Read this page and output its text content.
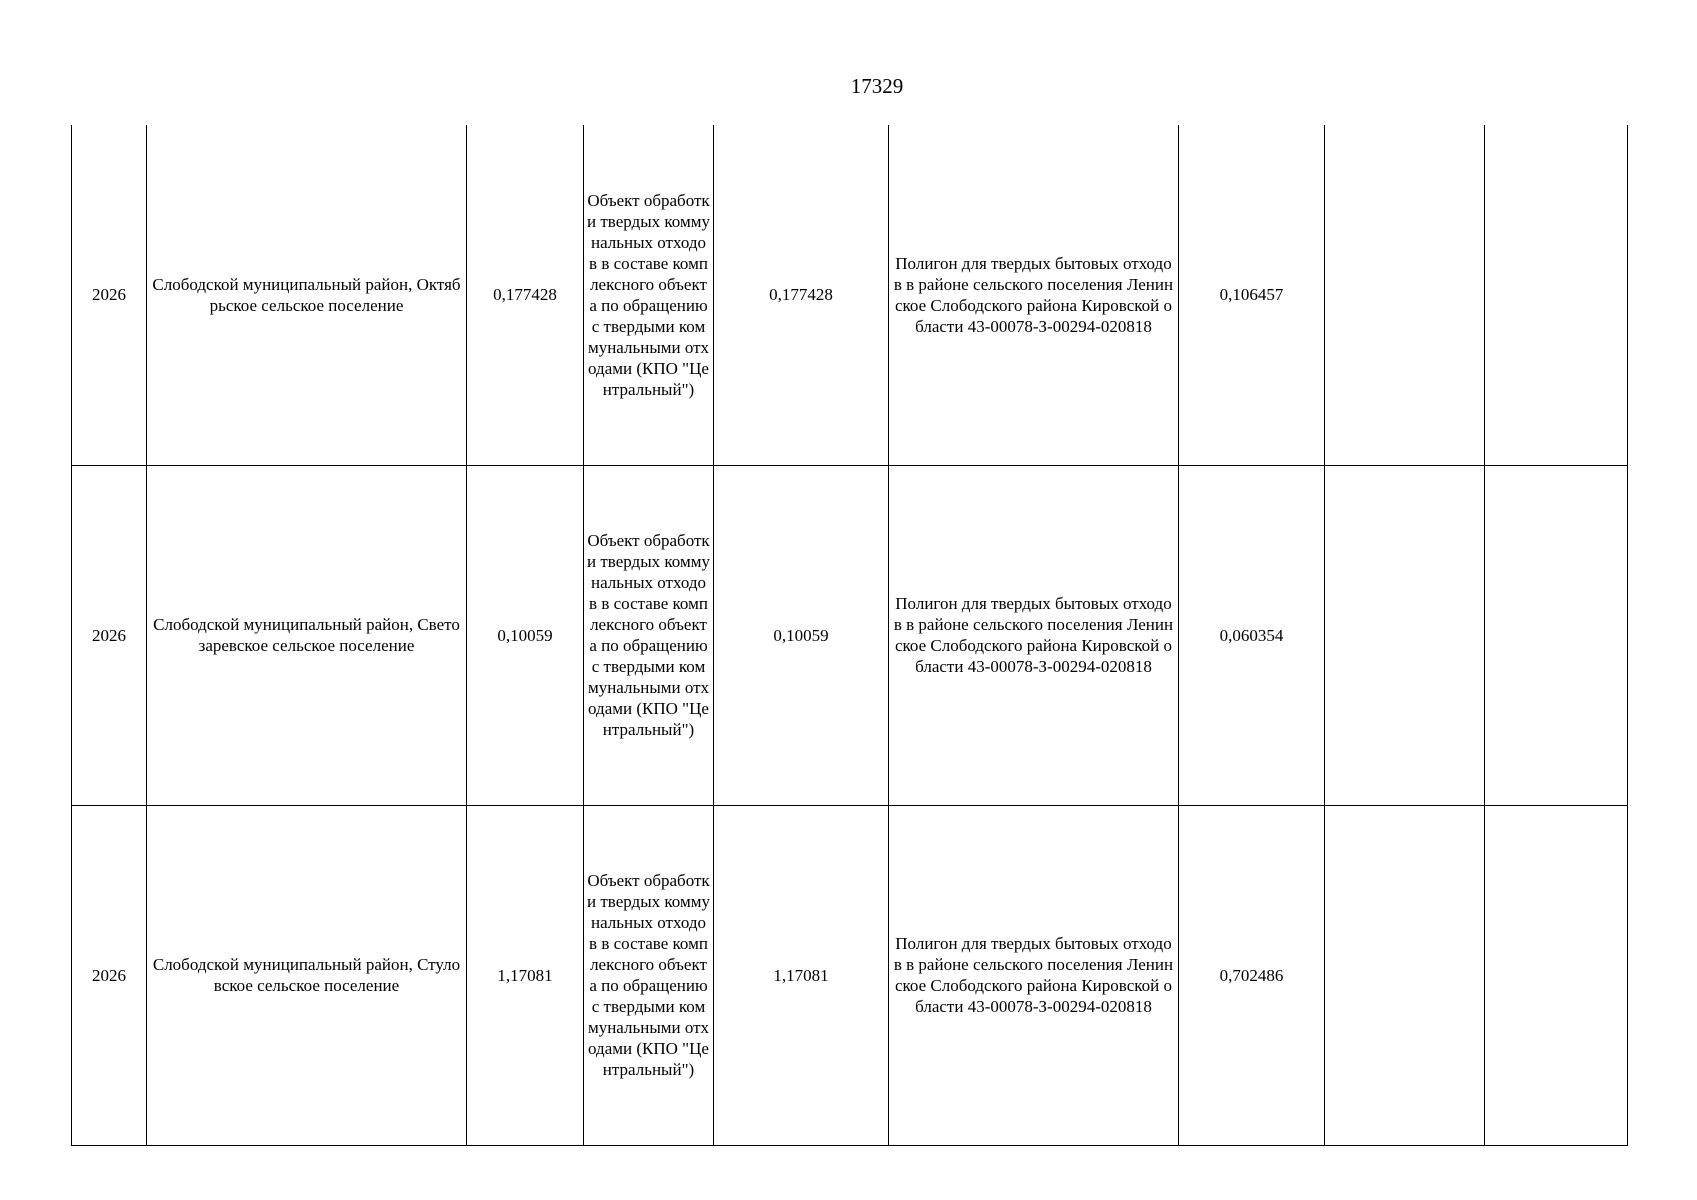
17329
2026	Слободской муниципальный район, Октябрьское сельское поселение	0,177428	Объект обработки твердых коммунальных отходов в составе комплексного объекта по обращению с твердыми коммунальными отходами (КПО "Центральный")	0,177428	Полигон для твердых бытовых отходов в районе сельского поселения Ленинское Слободского района Кировской области 43-00078-З-00294-020818	0,106457		
2026	Слободской муниципальный район, Светозаревское сельское поселение	0,10059	Объект обработки твердых коммунальных отходов в составе комплексного объекта по обращению с твердыми коммунальными отходами (КПО "Центральный")	0,10059	Полигон для твердых бытовых отходов в районе сельского поселения Ленинское Слободского района Кировской области 43-00078-З-00294-020818	0,060354		
2026	Слободской муниципальный район, Стуловское сельское поселение	1,17081	Объект обработки твердых коммунальных отходов в составе комплексного объекта по обращению с твердыми коммунальными отходами (КПО "Центральный")	1,17081	Полигон для твердых бытовых отходов в районе сельского поселения Ленинское Слободского района Кировской области 43-00078-З-00294-020818	0,702486		
